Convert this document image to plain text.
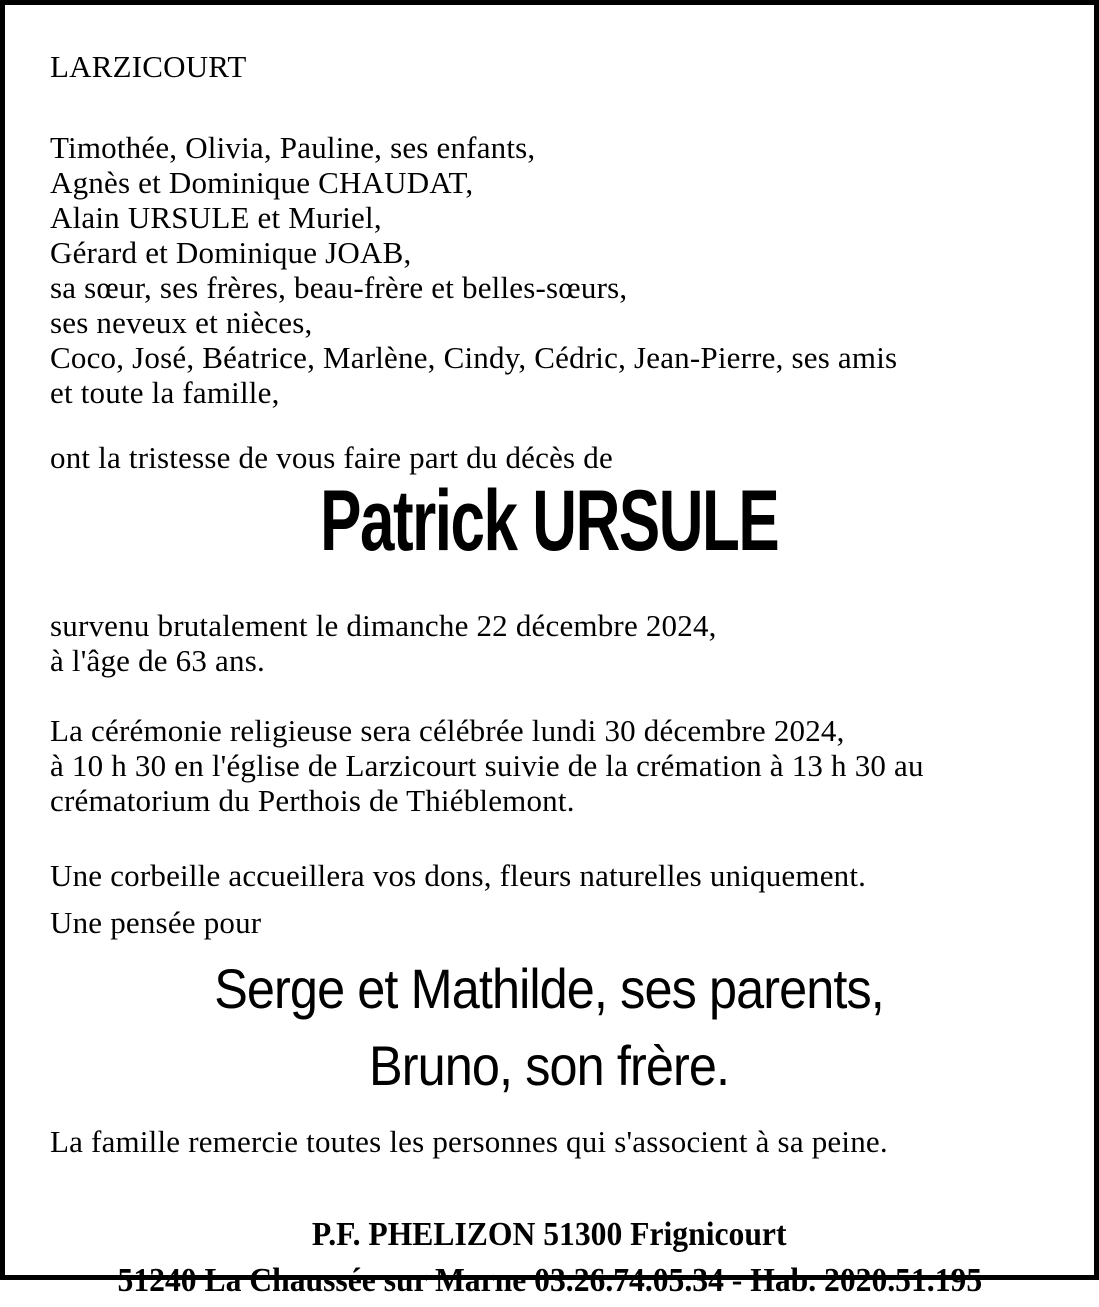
LARZICOURT
Timothée, Olivia, Pauline, ses enfants,
Agnès et Dominique CHAUDAT,
Alain URSULE et Muriel,
Gérard et Dominique JOAB,
sa sœur, ses frères, beau-frère et belles-sœurs,
ses neveux et nièces,
Coco, José, Béatrice, Marlène, Cindy, Cédric, Jean-Pierre, ses amis
et toute la famille,
ont la tristesse de vous faire part du décès de
Patrick URSULE
survenu brutalement le dimanche 22 décembre 2024,
à l'âge de 63 ans.
La cérémonie religieuse sera célébrée lundi 30 décembre 2024,
à 10 h 30 en l'église de Larzicourt suivie de la crémation à 13 h 30 au
crématorium du Perthois de Thiéblemont.
Une corbeille accueillera vos dons, fleurs naturelles uniquement.
Une pensée pour
Serge et Mathilde, ses parents,
Bruno, son frère.
La famille remercie toutes les personnes qui s'associent à sa peine.
P.F. PHELIZON 51300 Frignicourt
51240 La Chaussée sur Marne 03.26.74.05.34 - Hab. 2020.51.195
